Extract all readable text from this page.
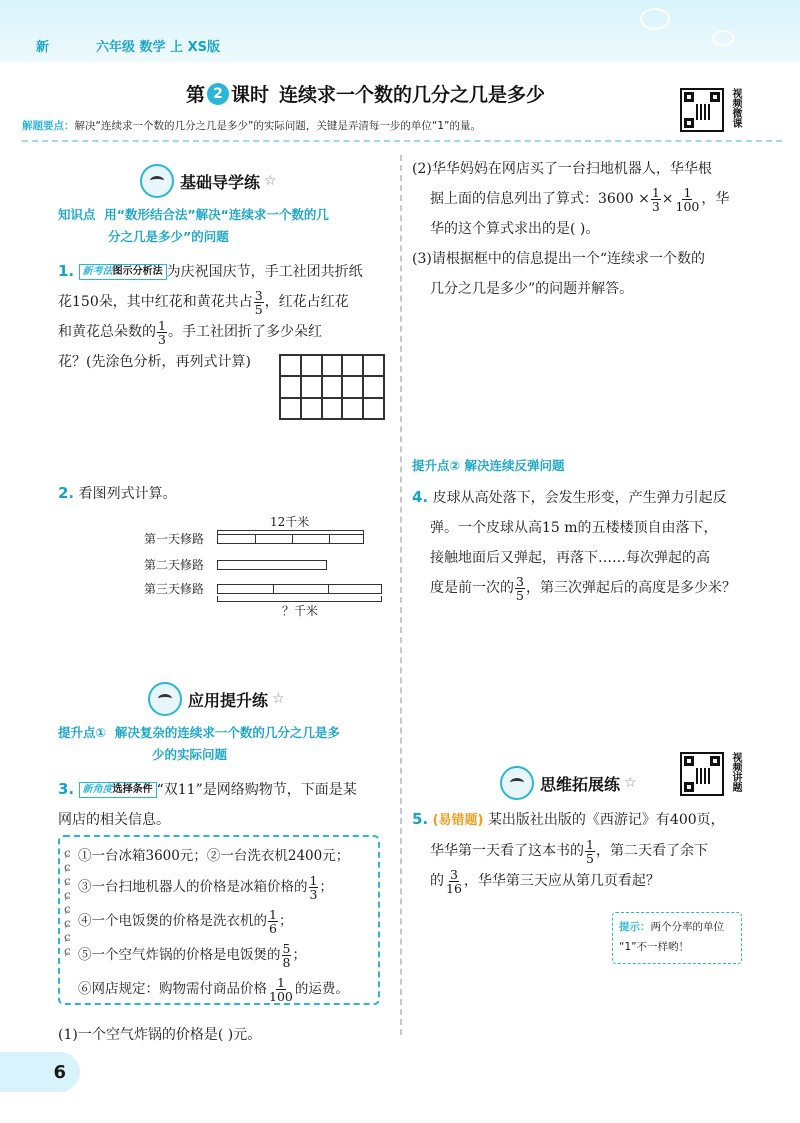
新	六年级 数学 上 XS版
第 2 课时 连续求一个数的几分之几是多少	视频微课
解题要点：解决“连续求一个数的几分之几是多少”的实际问题，关键是弄清每一步的单位“1”的量。
基础导学练 ☆
知识点 用“数形结合法”解决“连续求一个数的几
分之几是多少”的问题
1. 新考法图示分析法 为庆祝国庆节，手工社团共折纸
花150朵，其中红花和黄花共占 $\frac{3}{5}$ ，红花占红花
和黄花总朵数的 $\frac{1}{3}$ 。手工社团折了多少朵红
花？(先涂色分析，再列式计算)
2. 看图列式计算。
12千米
第一天修路
第二天修路
第三天修路
？千米
应用提升练 ☆
提升点① 解决复杂的连续求一个数的几分之几是多
少的实际问题
3. 新角度选择条件 “双11”是网络购物节，下面是某
网店的相关信息。
ɕ
ɕ
ɕ
ɕ
ɕ
ɕ
ɕ
ɕ
①一台冰箱3600元；②一台洗衣机2400元；
③一台扫地机器人的价格是冰箱价格的 $\frac{1}{3}$ ；
④一个电饭煲的价格是洗衣机的 $\frac{1}{6}$ ；
⑤一个空气炸锅的价格是电饭煲的 $\frac{5}{8}$ ；
⑥网店规定：购物需付商品价格 $\frac{1}{100}$ 的运费。
(1)一个空气炸锅的价格是( )元。
(2)华华妈妈在网店买了一台扫地机器人，华华根
据上面的信息列出了算式：$3600 \times \frac{1}{3} \times \frac{1}{100}$ ，华
华的这个算式求出的是( )。
(3)请根据框中的信息提出一个“连续求一个数的
几分之几是多少”的问题并解答。
提升点② 解决连续反弹问题
4. 皮球从高处落下，会发生形变，产生弹力引起反
弹。一个皮球从高15 m的五楼楼顶自由落下，
接触地面后又弹起，再落下……每次弹起的高
度是前一次的 $\frac{3}{5}$ ，第三次弹起后的高度是多少米？
视频讲题
思维拓展练 ☆
5. (易错题) 某出版社出版的《西游记》有400页，
华华第一天看了这本书的 $\frac{1}{5}$ ，第二天看了余下
的 $\frac{3}{16}$ ，华华第三天应从第几页看起？
提示：两个分率的单位
“1”不一样哟！
6
